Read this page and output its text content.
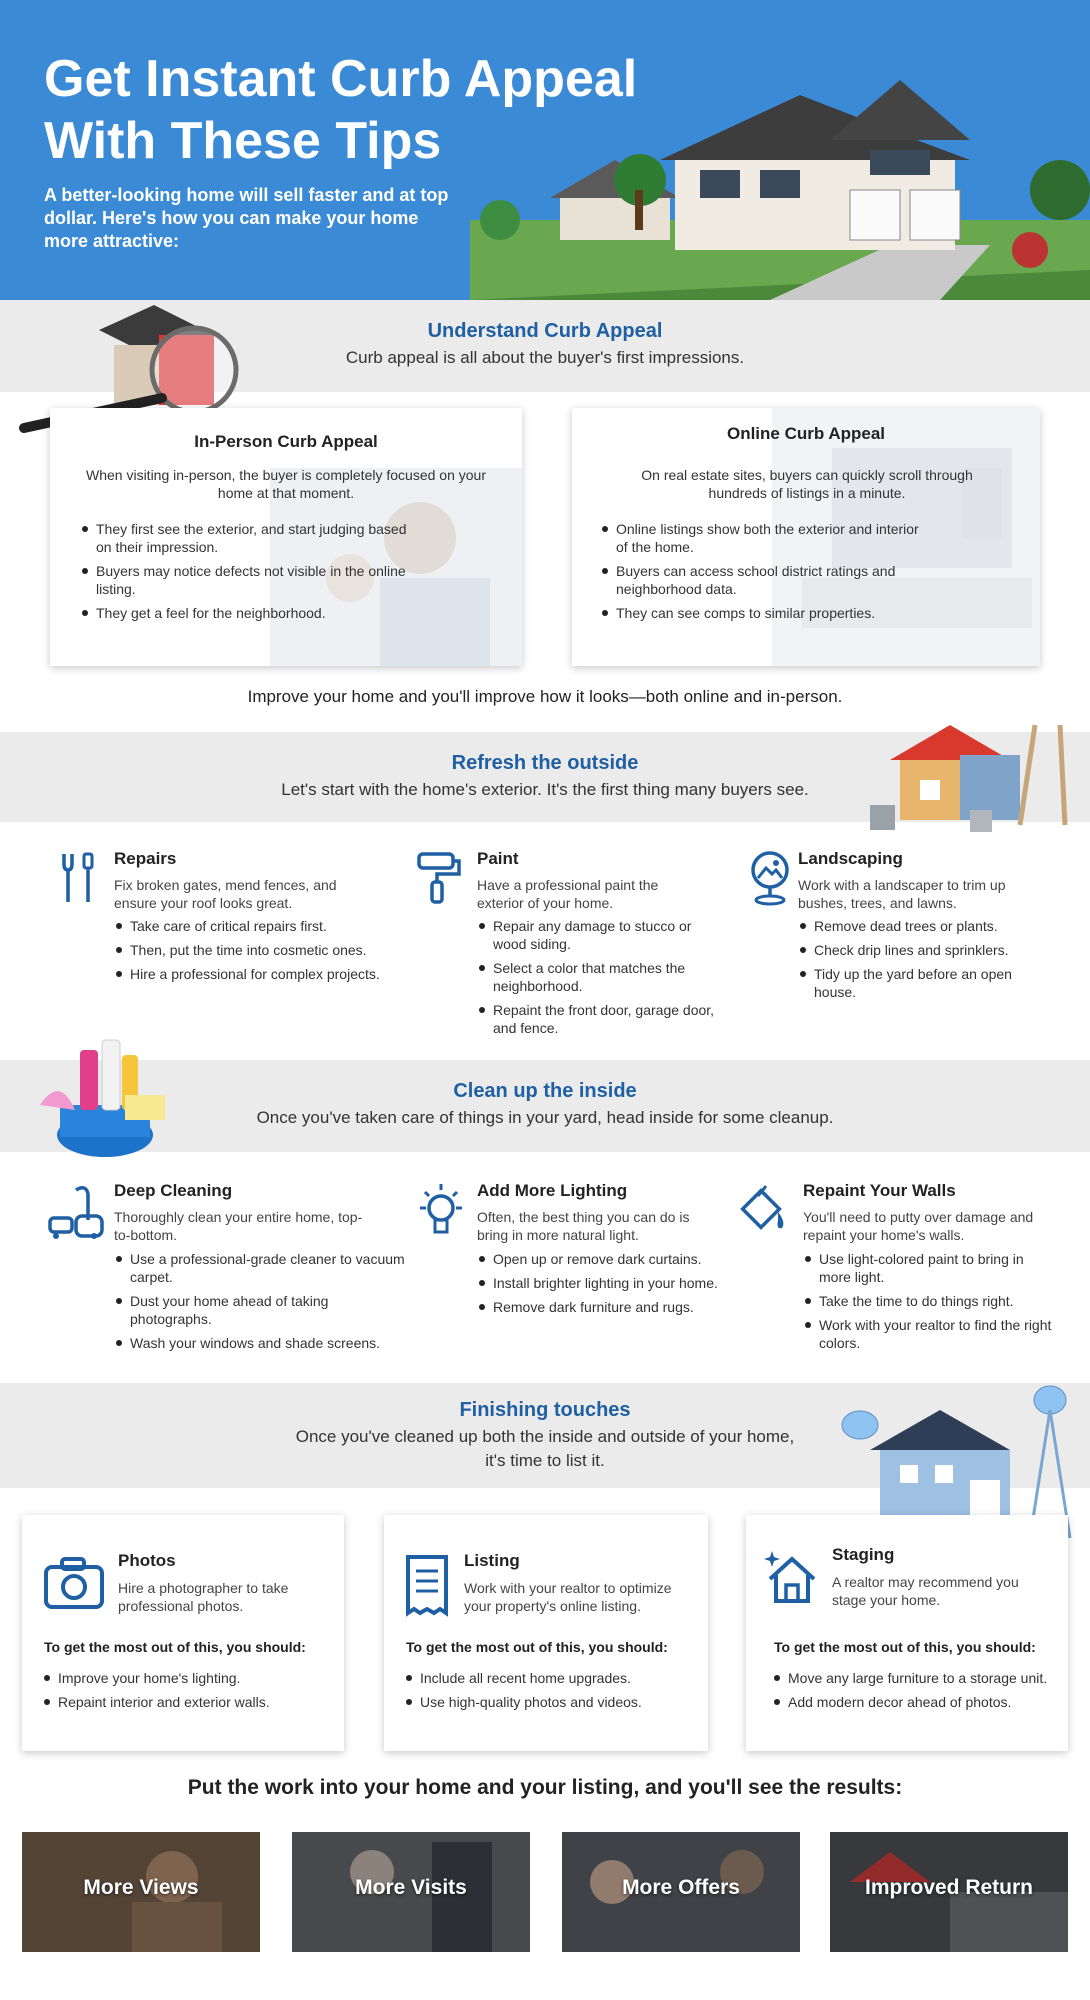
Get Instant Curb Appeal
With These Tips
A better-looking home will sell faster and at top dollar. Here's how you can make your home more attractive:
Understand Curb Appeal
Curb appeal is all about the buyer's first impressions.
In-Person Curb Appeal
When visiting in-person, the buyer is completely focused on your home at that moment.
They first see the exterior, and start judging based on their impression.
Buyers may notice defects not visible in the online listing.
They get a feel for the neighborhood.
Online Curb Appeal
On real estate sites, buyers can quickly scroll through hundreds of listings in a minute.
Online listings show both the exterior and interior of the home.
Buyers can access school district ratings and neighborhood data.
They can see comps to similar properties.
Improve your home and you'll improve how it looks—both online and in-person.
Refresh the outside
Let's start with the home's exterior. It's the first thing many buyers see.
Repairs
Fix broken gates, mend fences, and ensure your roof looks great.
Take care of critical repairs first.
Then, put the time into cosmetic ones.
Hire a professional for complex projects.
Paint
Have a professional paint the exterior of your home.
Repair any damage to stucco or wood siding.
Select a color that matches the neighborhood.
Repaint the front door, garage door, and fence.
Landscaping
Work with a landscaper to trim up bushes, trees, and lawns.
Remove dead trees or plants.
Check drip lines and sprinklers.
Tidy up the yard before an open house.
Clean up the inside
Once you've taken care of things in your yard, head inside for some cleanup.
Deep Cleaning
Thoroughly clean your entire home, top-to-bottom.
Use a professional-grade cleaner to vacuum carpet.
Dust your home ahead of taking photographs.
Wash your windows and shade screens.
Add More Lighting
Often, the best thing you can do is bring in more natural light.
Open up or remove dark curtains.
Install brighter lighting in your home.
Remove dark furniture and rugs.
Repaint Your Walls
You'll need to putty over damage and repaint your home's walls.
Use light-colored paint to bring in more light.
Take the time to do things right.
Work with your realtor to find the right colors.
Finishing touches
Once you've cleaned up both the inside and outside of your home,
it's time to list it.
Photos
Hire a photographer to take professional photos.
To get the most out of this, you should:
Improve your home's lighting.
Repaint interior and exterior walls.
Listing
Work with your realtor to optimize your property's online listing.
To get the most out of this, you should:
Include all recent home upgrades.
Use high-quality photos and videos.
Staging
A realtor may recommend you stage your home.
To get the most out of this, you should:
Move any large furniture to a storage unit.
Add modern decor ahead of photos.
Put the work into your home and your listing, and you'll see the results:
More Views	More Visits	More Offers	Improved Return
